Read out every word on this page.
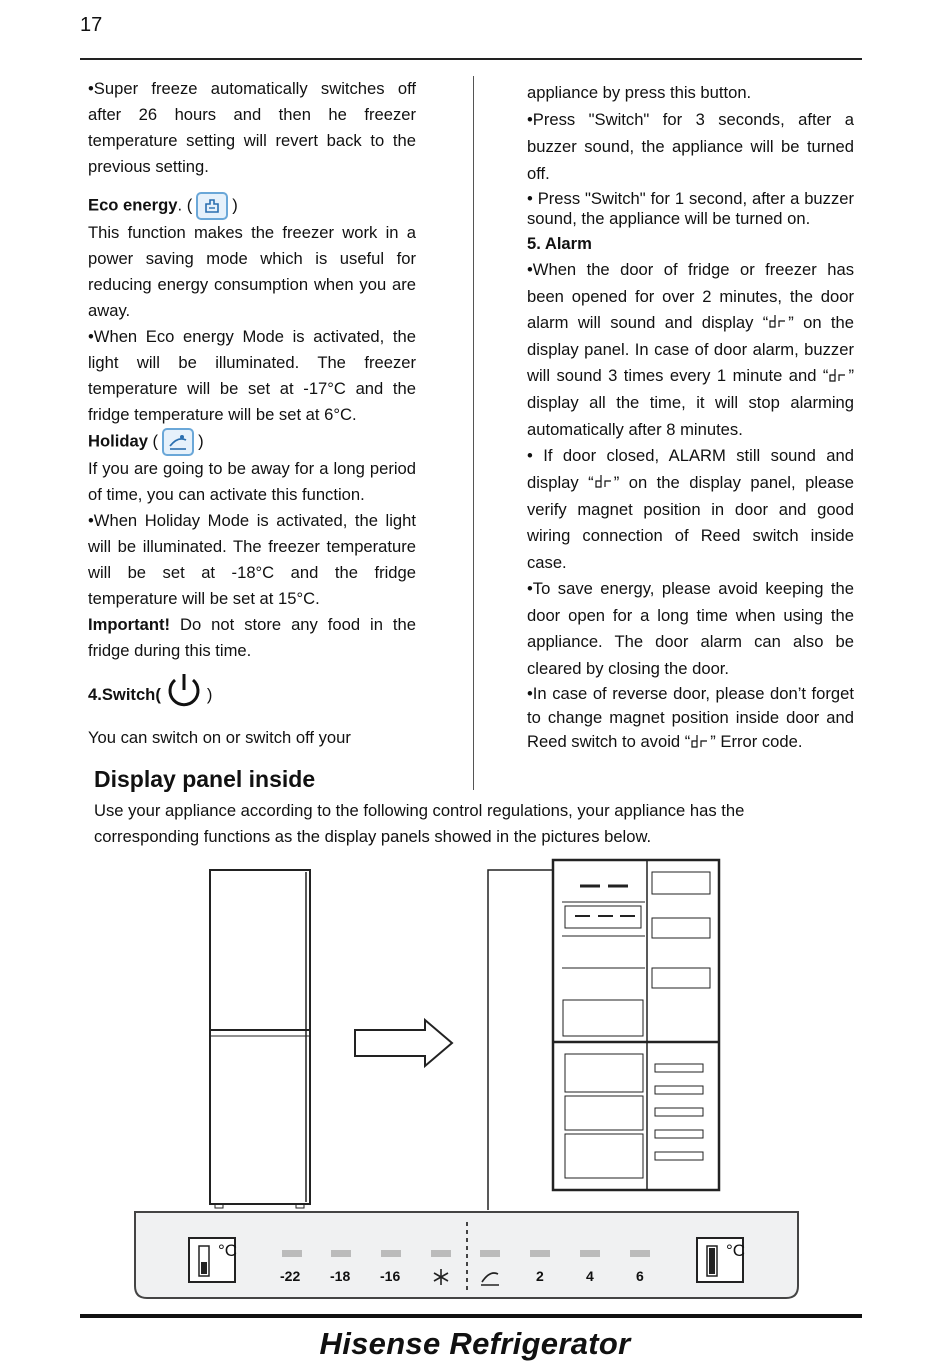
17

•Super freeze automatically switches off after 26 hours and then he freezer temperature setting will revert back to the previous setting.

Eco energy. ( )

This function makes the freezer work in a power saving mode which is useful for reducing energy consumption when you are away.

•When Eco energy Mode is activated, the light will be illuminated. The freezer temperature will be set at -17°C and the fridge temperature will be set at 6°C.

Holiday ( )

If you are going to be away for a long period of time, you can activate this function.

•When Holiday Mode is activated, the light will be illuminated. The freezer temperature will be set at -18°C and the fridge temperature will be set at 15°C.

Important! Do not store any food in the fridge during this time.

4.Switch(	)

You can switch on or switch off your

appliance by press this button.

•Press "Switch" for 3 seconds, after a buzzer sound, the appliance will be turned off.

• Press "Switch" for 1 second, after a buzzer sound, the appliance will be turned on.

5. Alarm

•When the door of fridge or freezer has been opened for over 2 minutes, the door alarm will sound and display “ ” on the display panel. In case of door alarm, buzzer will sound 3 times every 1 minute and “ ” display all the time, it will stop alarming automatically after 8 minutes.

• If door closed, ALARM still sound and display “ ” on the display panel, please verify magnet position in door and good wiring connection of Reed switch inside case.

•To save energy, please avoid keeping the door open for a long time when using the appliance. The door alarm can also be cleared by closing the door.

•In case of reverse door, please don’t forget to change magnet position inside door and Reed switch to avoid “ ” Error code.

Display panel inside
Use your appliance according to the following control regulations, your appliance has the corresponding functions as the display panels showed in the pictures below.
°C	°C
-22 -18 -16	2	4	6
Hisense Refrigerator
